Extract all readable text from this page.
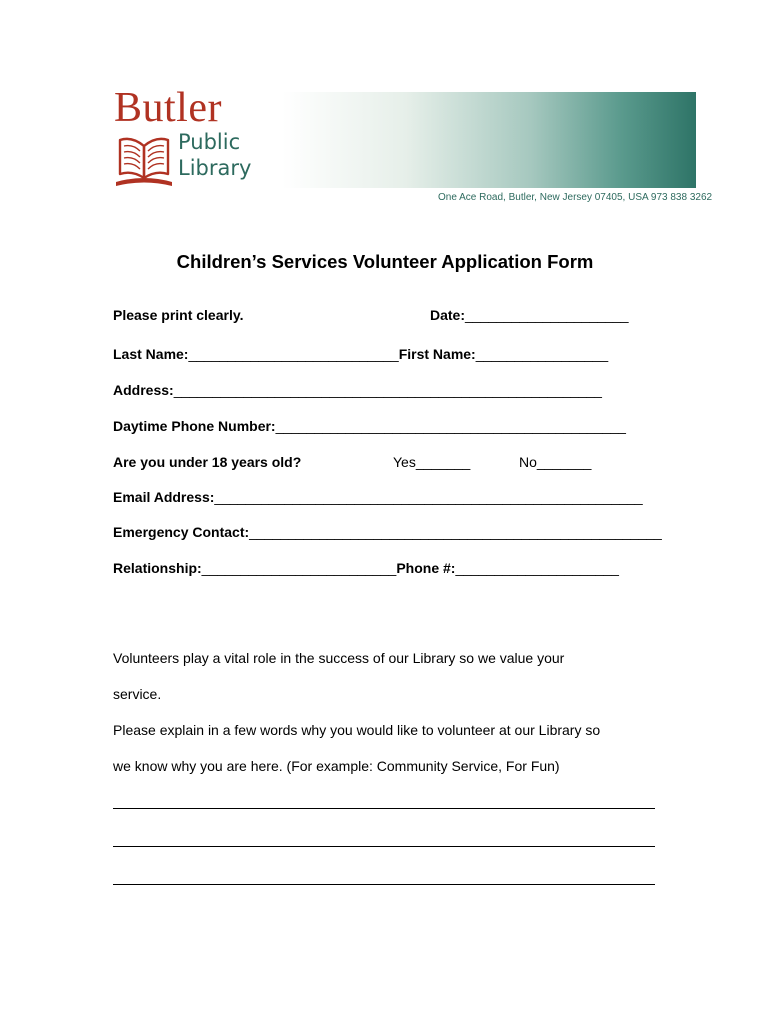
Butler
Public
Library
One Ace Road, Butler, New Jersey 07405, USA 973 838 3262
Children’s Services Volunteer Application Form
Please print clearly.	Date:_____________________
Last Name:___________________________First Name:_________________
Address:_______________________________________________________
Daytime Phone Number:_____________________________________________
Are you under 18 years old?	Yes_______	No_______
Email Address:_______________________________________________________
Emergency Contact:_____________________________________________________
Relationship:_________________________Phone #:_____________________
Volunteers play a vital role in the success of our Library so we value your
service.
Please explain in a few words why you would like to volunteer at our Library so
we know why you are here. (For example: Community Service, For Fun)
